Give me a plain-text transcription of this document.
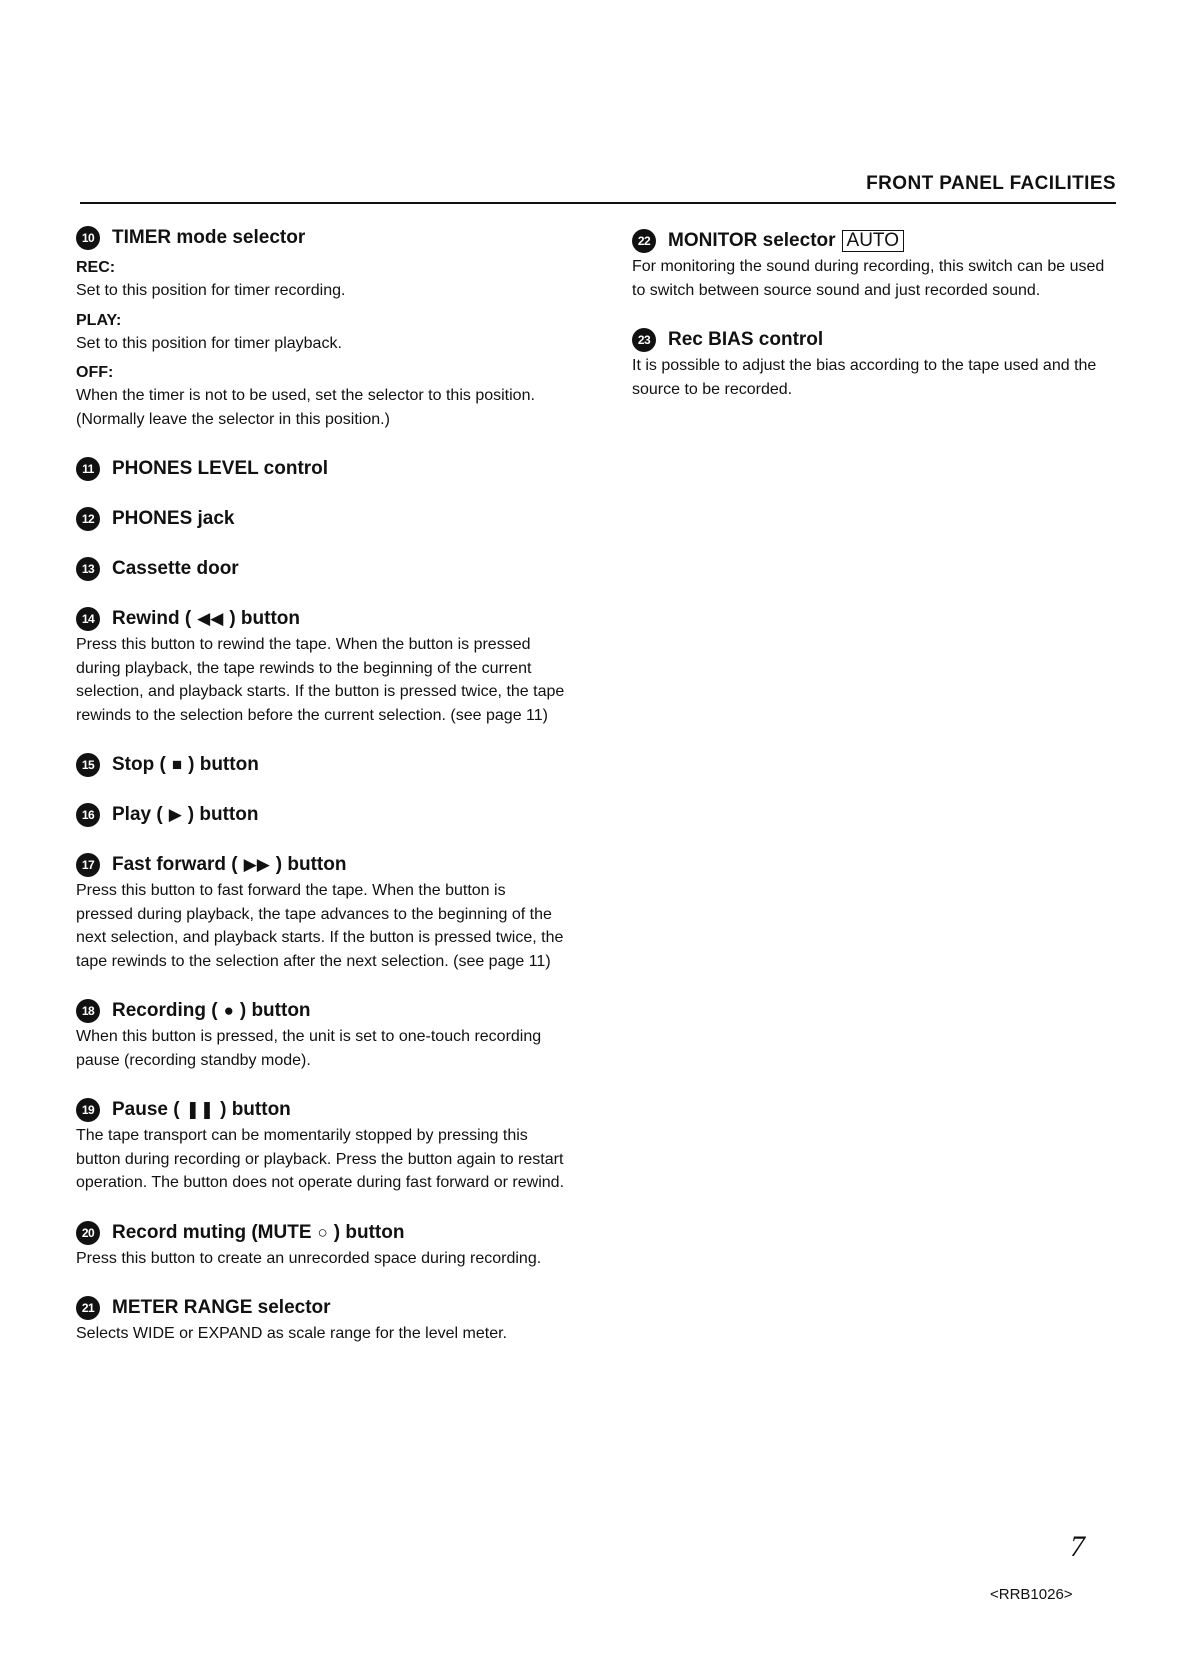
FRONT PANEL FACILITIES
10 TIMER mode selector
REC:
Set to this position for timer recording.
PLAY:
Set to this position for timer playback.
OFF:
When the timer is not to be used, set the selector to this position. (Normally leave the selector in this position.)
11 PHONES LEVEL control
12 PHONES jack
13 Cassette door
14 Rewind ( ◀◀ ) button
Press this button to rewind the tape. When the button is pressed during playback, the tape rewinds to the beginning of the current selection, and playback starts. If the button is pressed twice, the tape rewinds to the selection before the current selection. (see page 11)
15 Stop ( ■ ) button
16 Play ( ▶ ) button
17 Fast forward ( ▶▶ ) button
Press this button to fast forward the tape. When the button is pressed during playback, the tape advances to the beginning of the next selection, and playback starts. If the button is pressed twice, the tape rewinds to the selection after the next selection. (see page 11)
18 Recording ( ● ) button
When this button is pressed, the unit is set to one-touch recording pause (recording standby mode).
19 Pause ( ❚❚ ) button
The tape transport can be momentarily stopped by pressing this button during recording or playback. Press the button again to restart operation. The button does not operate during fast forward or rewind.
20 Record muting (MUTE ○ ) button
Press this button to create an unrecorded space during recording.
21 METER RANGE selector
Selects WIDE or EXPAND as scale range for the level meter.
22 MONITOR selector AUTO
For monitoring the sound during recording, this switch can be used to switch between source sound and just recorded sound.
23 Rec BIAS control
It is possible to adjust the bias according to the tape used and the source to be recorded.
7
<RRB1026>
